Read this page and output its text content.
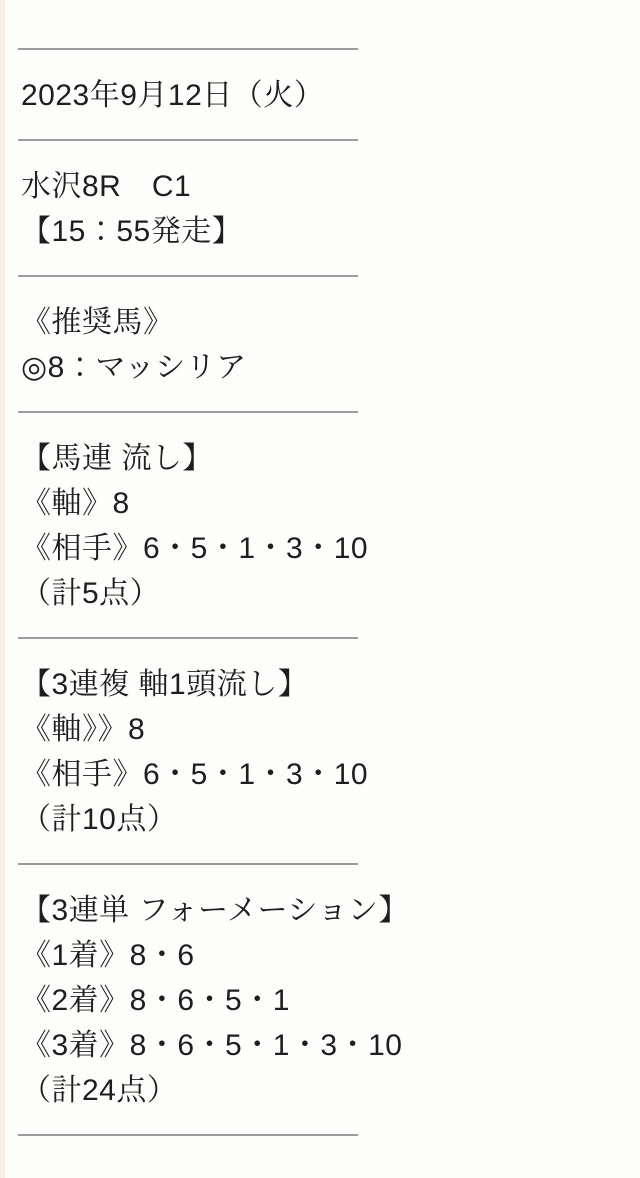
2023年9月12日（火）

水沢8R　C1

【15：55発走】

《推奨馬》

◎8：マッシリア

【馬連 流し】

《軸》8

《相手》6・5・1・3・10

（計5点）

【3連複 軸1頭流し】

《軸》》8

《相手》6・5・1・3・10

（計10点）

【3連単 フォーメーション】

《1着》8・6

《2着》8・6・5・1

《3着》8・6・5・1・3・10

（計24点）
